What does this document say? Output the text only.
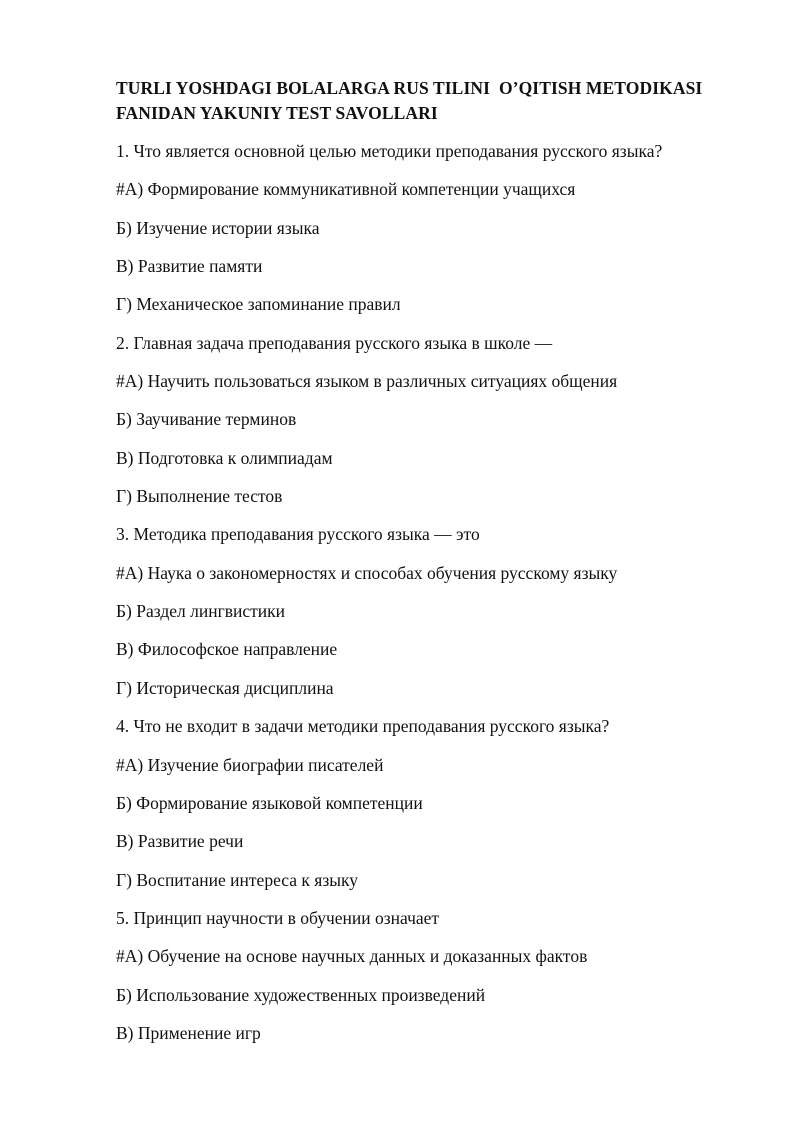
TURLI YOSHDAGI BOLALARGA RUS TILINI  O’QITISH METODIKASI
FANIDAN YAKUNIY TEST SAVOLLARI

1. Что является основной целью методики преподавания русского языка?

#А) Формирование коммуникативной компетенции учащихся

Б) Изучение истории языка

В) Развитие памяти

Г) Механическое запоминание правил

2. Главная задача преподавания русского языка в школе —

#А) Научить пользоваться языком в различных ситуациях общения

Б) Заучивание терминов

В) Подготовка к олимпиадам

Г) Выполнение тестов

3. Методика преподавания русского языка — это

#А) Наука о закономерностях и способах обучения русскому языку

Б) Раздел лингвистики

В) Философское направление

Г) Историческая дисциплина

4. Что не входит в задачи методики преподавания русского языка?

#А) Изучение биографии писателей

Б) Формирование языковой компетенции

В) Развитие речи

Г) Воспитание интереса к языку

5. Принцип научности в обучении означает

#А) Обучение на основе научных данных и доказанных фактов

Б) Использование художественных произведений

В) Применение игр
